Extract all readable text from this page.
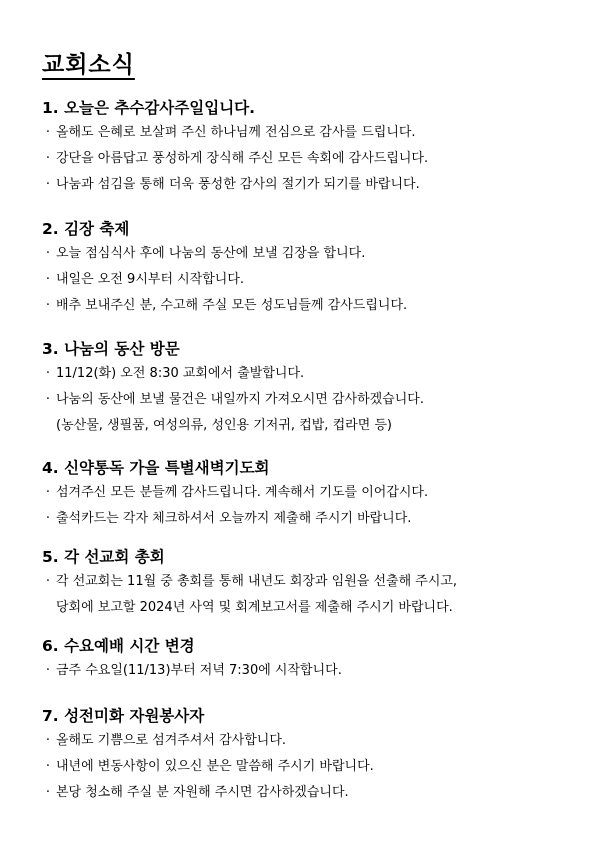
교회소식
1. 오늘은 추수감사주일입니다.
· 올해도 은혜로 보살펴 주신 하나님께 전심으로 감사를 드립니다.
· 강단을 아름답고 풍성하게 장식해 주신 모든 속회에 감사드립니다.
· 나눔과 섬김을 통해 더욱 풍성한 감사의 절기가 되기를 바랍니다.
2. 김장 축제
· 오늘 점심식사 후에 나눔의 동산에 보낼 김장을 합니다.
· 내일은 오전 9시부터 시작합니다.
· 배추 보내주신 분, 수고해 주실 모든 성도님들께 감사드립니다.
3. 나눔의 동산 방문
· 11/12(화) 오전 8:30 교회에서 출발합니다.
· 나눔의 동산에 보낼 물건은 내일까지 가져오시면 감사하겠습니다.
(농산물, 생필품, 여성의류, 성인용 기저귀, 컵밥, 컵라면 등)
4. 신약통독 가을 특별새벽기도회
· 섬겨주신 모든 분들께 감사드립니다. 계속해서 기도를 이어갑시다.
· 출석카드는 각자 체크하셔서 오늘까지 제출해 주시기 바랍니다.
5. 각 선교회 총회
· 각 선교회는 11월 중 총회를 통해 내년도 회장과 임원을 선출해 주시고,
당회에 보고할 2024년 사역 및 회계보고서를 제출해 주시기 바랍니다.
6. 수요예배 시간 변경
· 금주 수요일(11/13)부터 저녁 7:30에 시작합니다.
7. 성전미화 자원봉사자
· 올해도 기쁨으로 섬겨주셔서 감사합니다.
· 내년에 변동사항이 있으신 분은 말씀해 주시기 바랍니다.
· 본당 청소해 주실 분 자원해 주시면 감사하겠습니다.
